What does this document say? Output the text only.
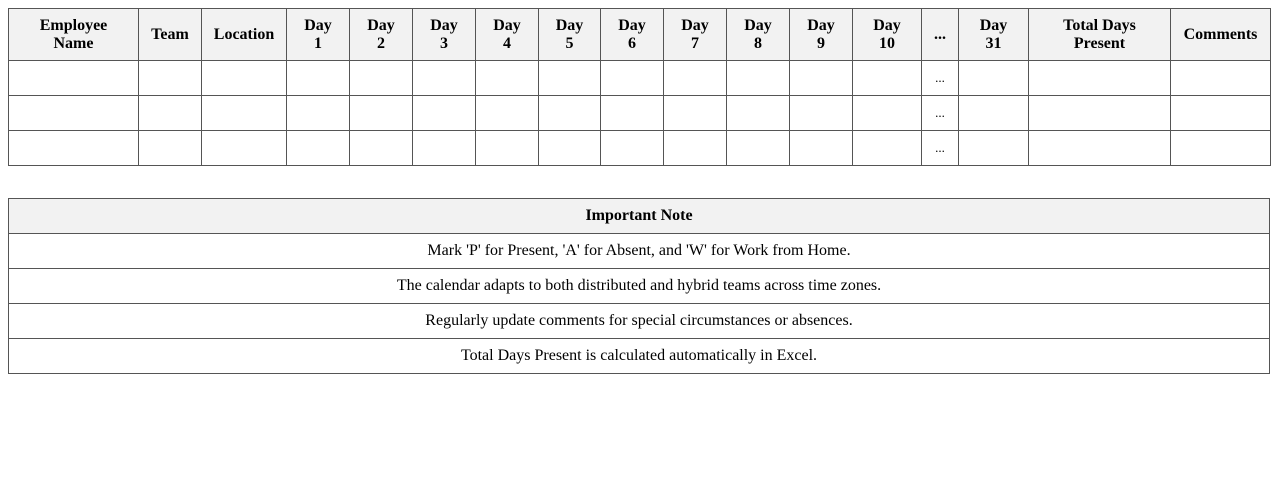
Employee Name	Team	Location	Day 1	Day 2	Day 3	Day 4	Day 5	Day 6	Day 7	Day 8	Day 9	Day 10	...	Day 31	Total Days Present	Comments
													...			
													...			
													...			
Important Note
Mark 'P' for Present, 'A' for Absent, and 'W' for Work from Home.
The calendar adapts to both distributed and hybrid teams across time zones.
Regularly update comments for special circumstances or absences.
Total Days Present is calculated automatically in Excel.
